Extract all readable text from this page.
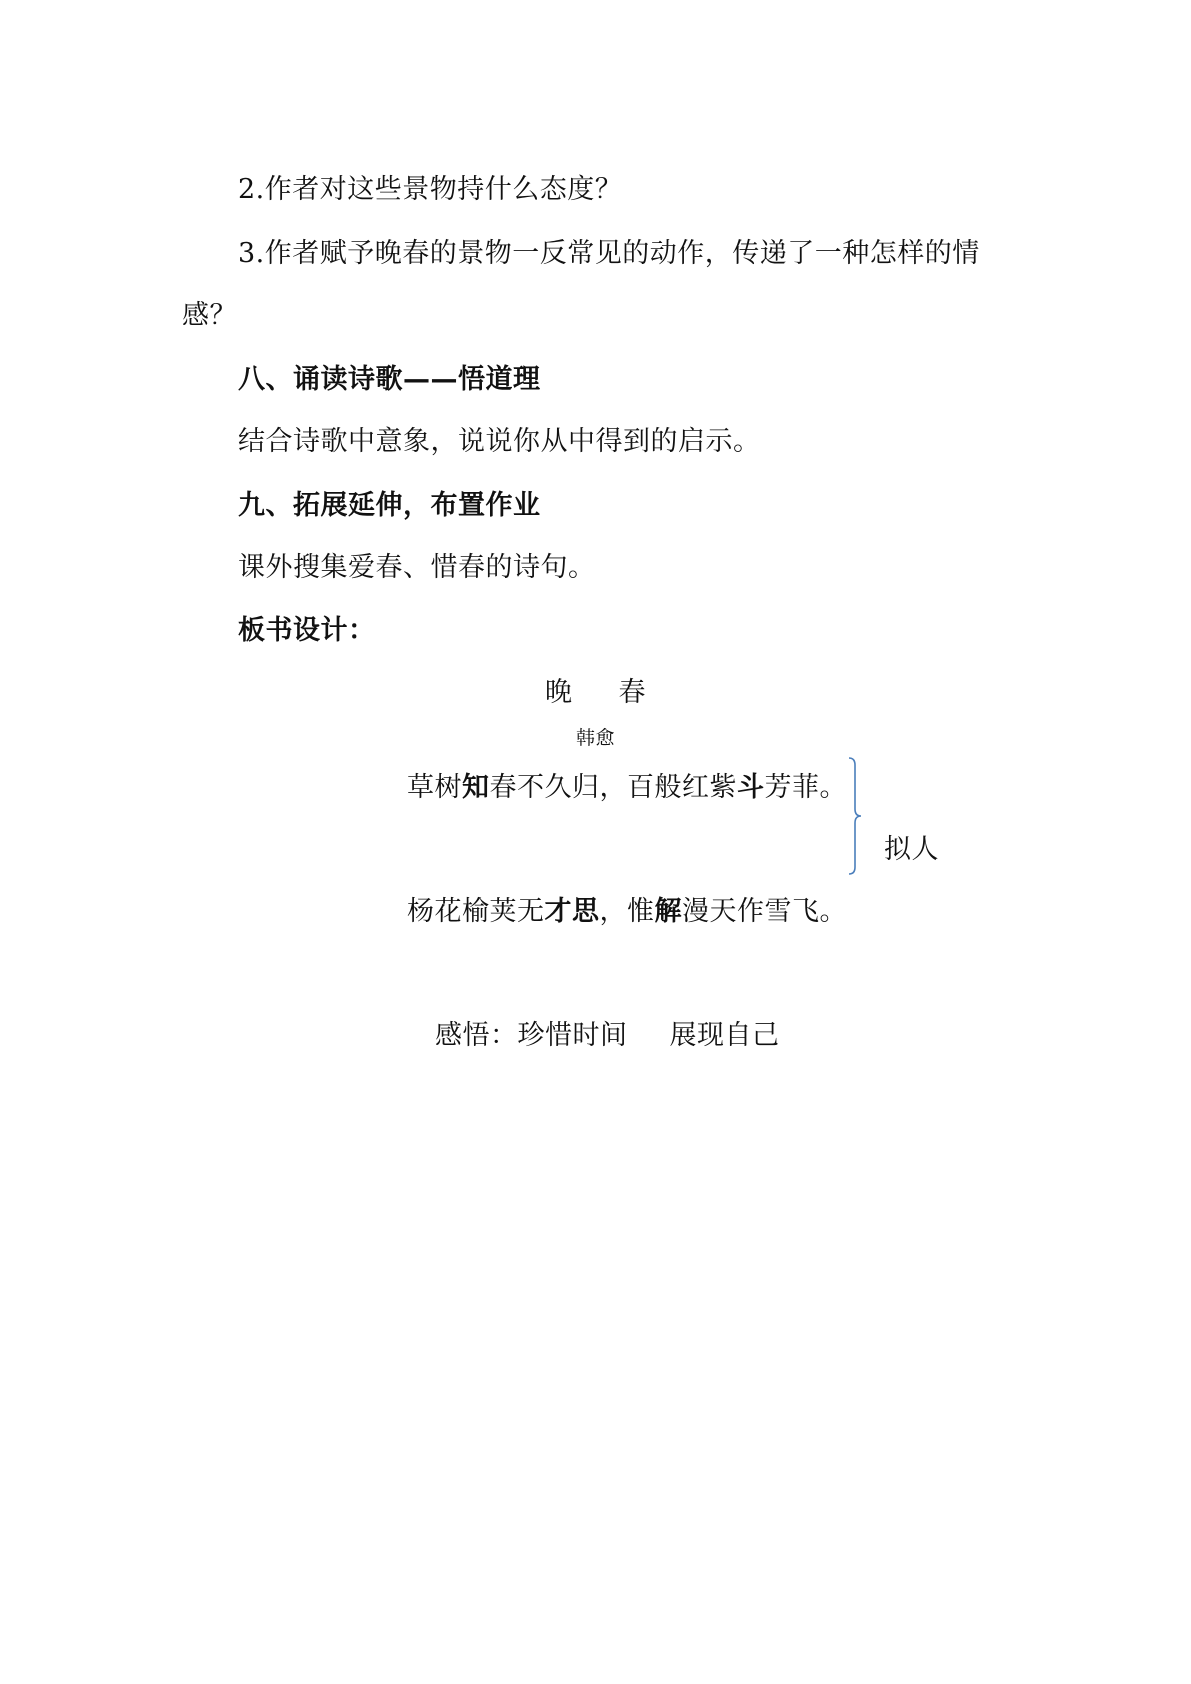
2.作者对这些景物持什么态度？
3.作者赋予晚春的景物一反常见的动作，传递了一种怎样的情
感？
八、诵读诗歌——悟道理
结合诗歌中意象，说说你从中得到的启示。
九、拓展延伸，布置作业
课外搜集爱春、惜春的诗句。
板书设计：
晚 春
韩愈
草树知春不久归，百般红紫斗芳菲。
拟人
杨花榆荚无才思，惟解漫天作雪飞。
感悟：珍惜时间 展现自己
